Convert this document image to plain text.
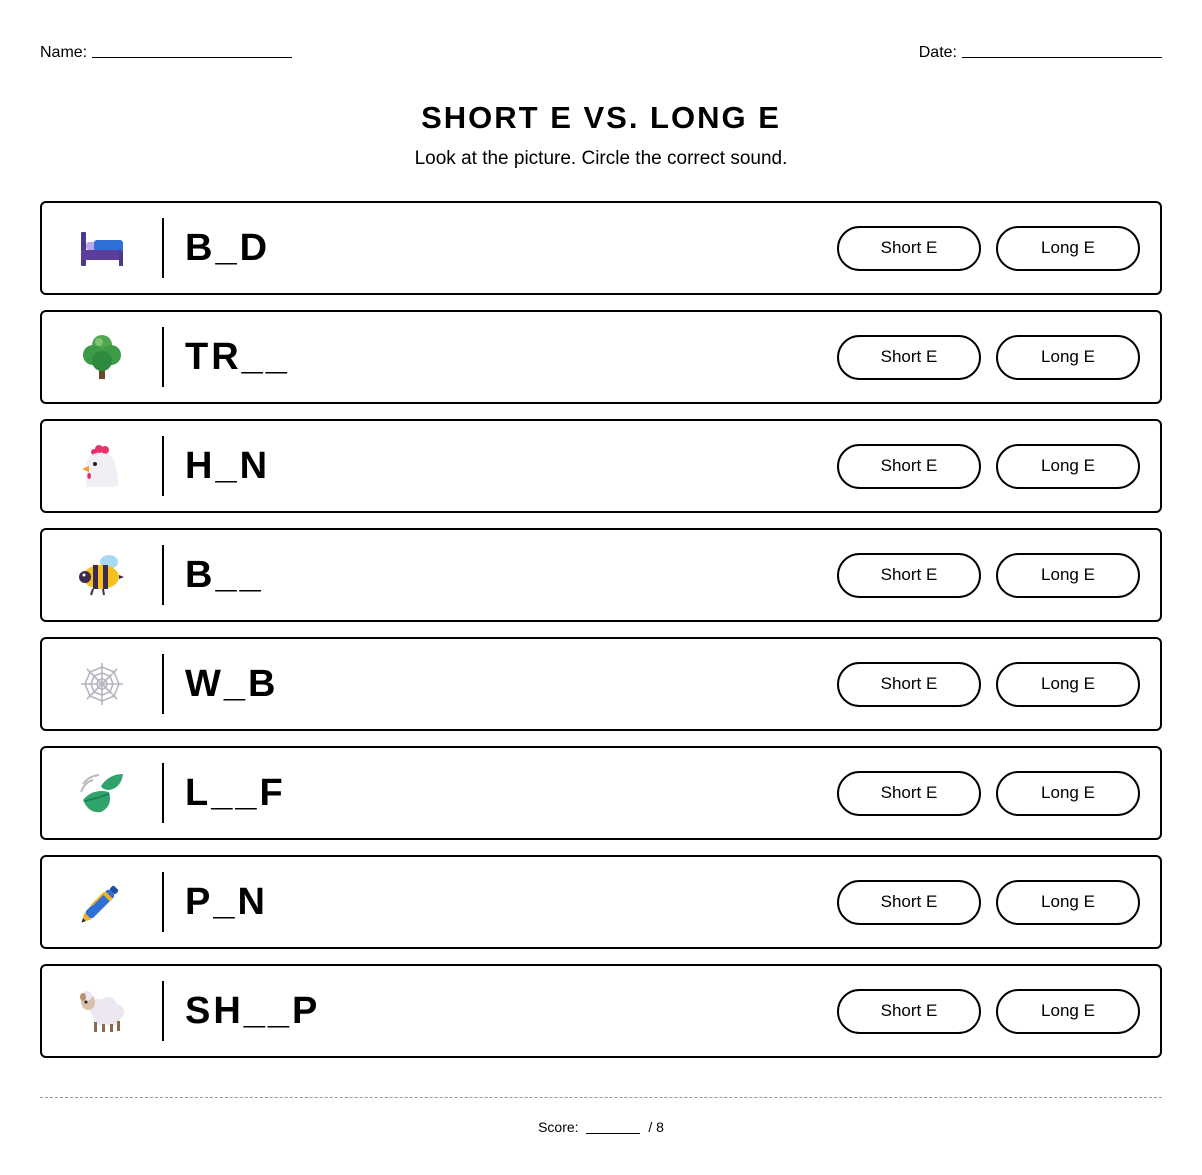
Name:	Date:
SHORT E VS. LONG E
Look at the picture. Circle the correct sound.
B_D	Short E	Long E
TR__	Short E	Long E
H_N	Short E	Long E
B__	Short E	Long E
W_B	Short E	Long E
L__F	Short E	Long E
P_N	Short E	Long E
SH__P	Short E	Long E
Score:	/ 8
